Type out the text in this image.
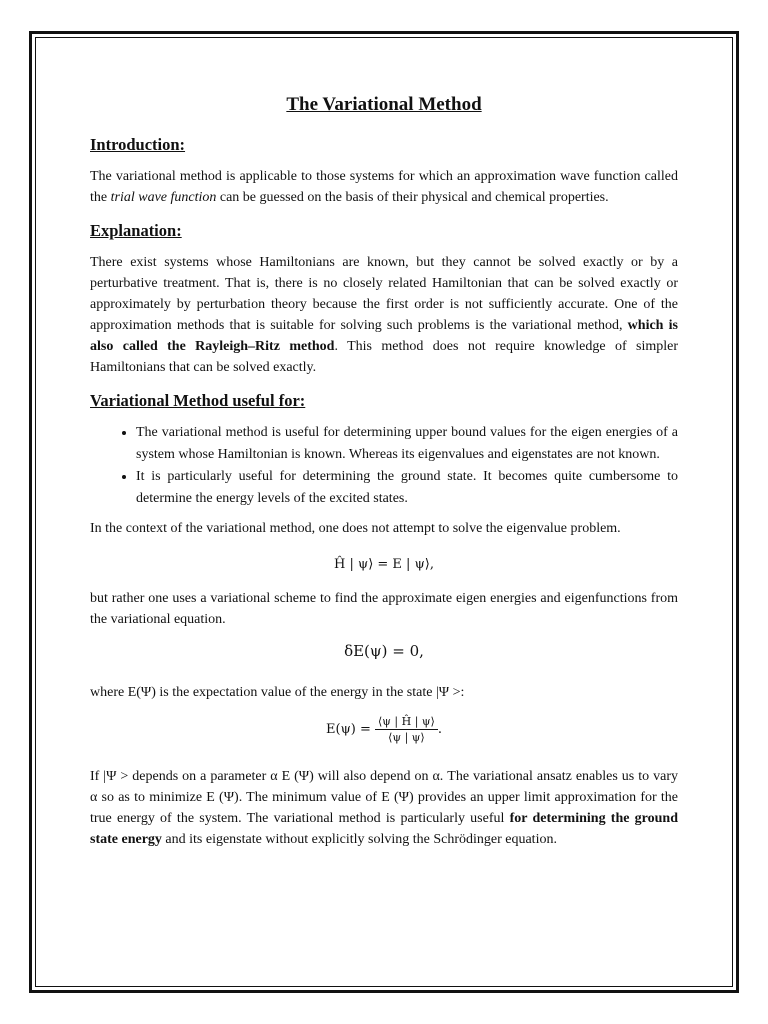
The Variational Method
Introduction:

The variational method is applicable to those systems for which an approximation wave function called the trial wave function can be guessed on the basis of their physical and chemical properties.

Explanation:

There exist systems whose Hamiltonians are known, but they cannot be solved exactly or by a perturbative treatment. That is, there is no closely related Hamiltonian that can be solved exactly or approximately by perturbation theory because the first order is not sufficiently accurate. One of the approximation methods that is suitable for solving such problems is the variational method, which is also called the Rayleigh–Ritz method. This method does not require knowledge of simpler Hamiltonians that can be solved exactly.

Variational Method useful for:
• The variational method is useful for determining upper bound values for the eigen energies of a system whose Hamiltonian is known. Whereas its eigenvalues and eigenstates are not known.
• It is particularly useful for determining the ground state. It becomes quite cumbersome to determine the energy levels of the excited states.

In the context of the variational method, one does not attempt to solve the eigenvalue problem.

Ĥ | ψ⟩ = E | ψ⟩,

but rather one uses a variational scheme to find the approximate eigen energies and eigenfunctions from the variational equation.

δE(ψ) = 0,

where E(Ψ) is the expectation value of the energy in the state |Ψ >:

$E(\psi) = \frac{⟨\psi | Ĥ | \psi⟩}{⟨\psi | \psi⟩}$ .

If |Ψ > depends on a parameter α E (Ψ) will also depend on α. The variational ansatz enables us to vary α so as to minimize E (Ψ). The minimum value of E (Ψ) provides an upper limit approximation for the true energy of the system. The variational method is particularly useful for determining the ground state energy and its eigenstate without explicitly solving the Schrödinger equation.
